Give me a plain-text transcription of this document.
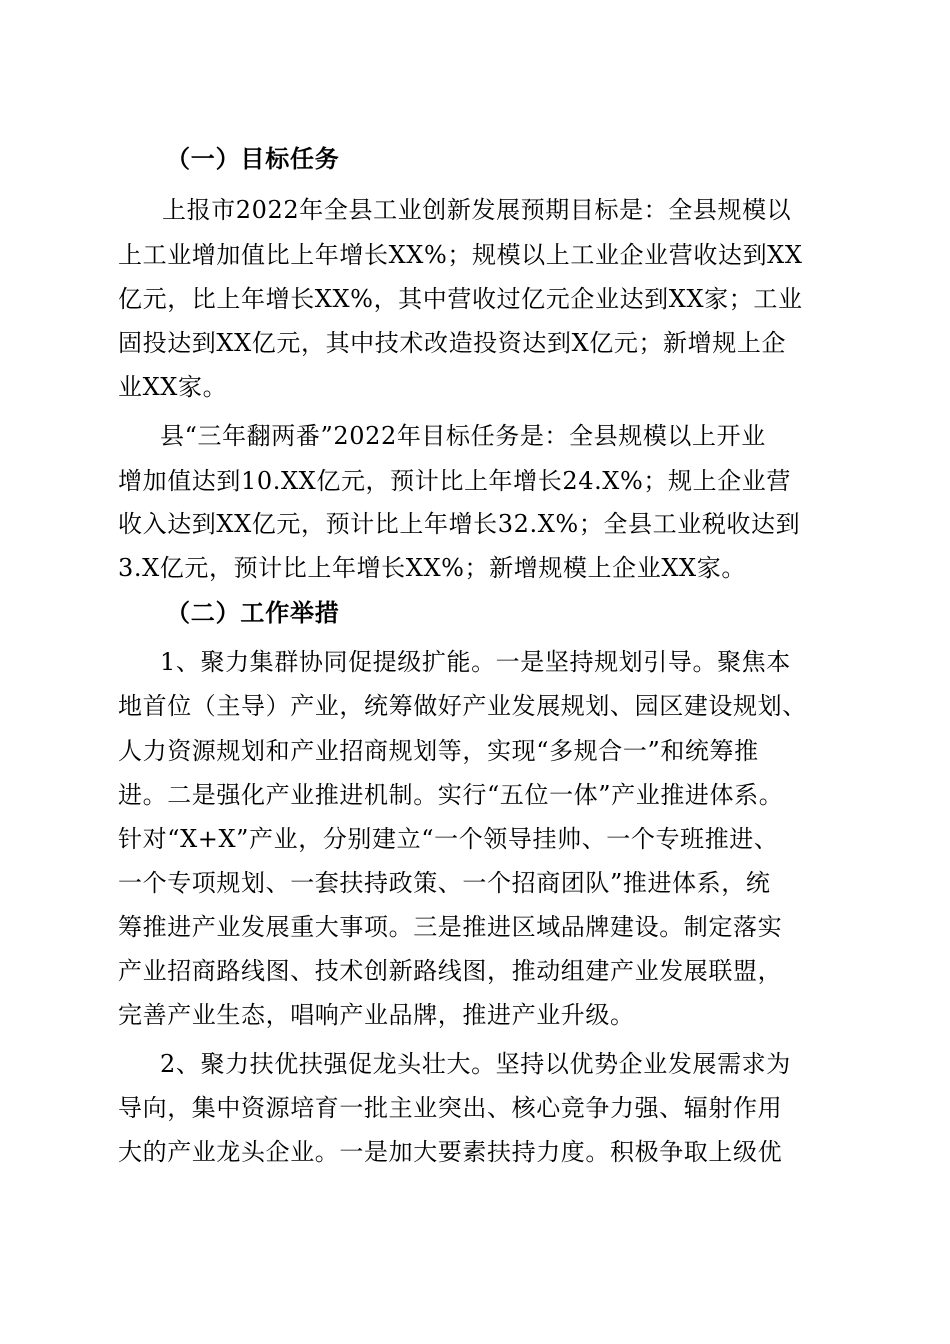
（一）目标任务
上报市2022年全县工业创新发展预期目标是：全县规模以
上工业增加值比上年增长XX%；规模以上工业企业营收达到XX
亿元，比上年增长XX%，其中营收过亿元企业达到XX家；工业
固投达到XX亿元，其中技术改造投资达到X亿元；新增规上企
业XX家。
县“三年翻两番”2022年目标任务是：全县规模以上开业
增加值达到10.XX亿元，预计比上年增长24.X%；规上企业营
收入达到XX亿元，预计比上年增长32.X%；全县工业税收达到
3.X亿元，预计比上年增长XX%；新增规模上企业XX家。
（二）工作举措
1、聚力集群协同促提级扩能。一是坚持规划引导。聚焦本
地首位（主导）产业，统筹做好产业发展规划、园区建设规划、
人力资源规划和产业招商规划等，实现“多规合一”和统筹推
进。二是强化产业推进机制。实行“五位一体”产业推进体系。
针对“X+X”产业，分别建立“一个领导挂帅、一个专班推进、
一个专项规划、一套扶持政策、一个招商团队”推进体系，统
筹推进产业发展重大事项。三是推进区域品牌建设。制定落实
产业招商路线图、技术创新路线图，推动组建产业发展联盟，
完善产业生态，唱响产业品牌，推进产业升级。
2、聚力扶优扶强促龙头壮大。坚持以优势企业发展需求为
导向，集中资源培育一批主业突出、核心竞争力强、辐射作用
大的产业龙头企业。一是加大要素扶持力度。积极争取上级优
